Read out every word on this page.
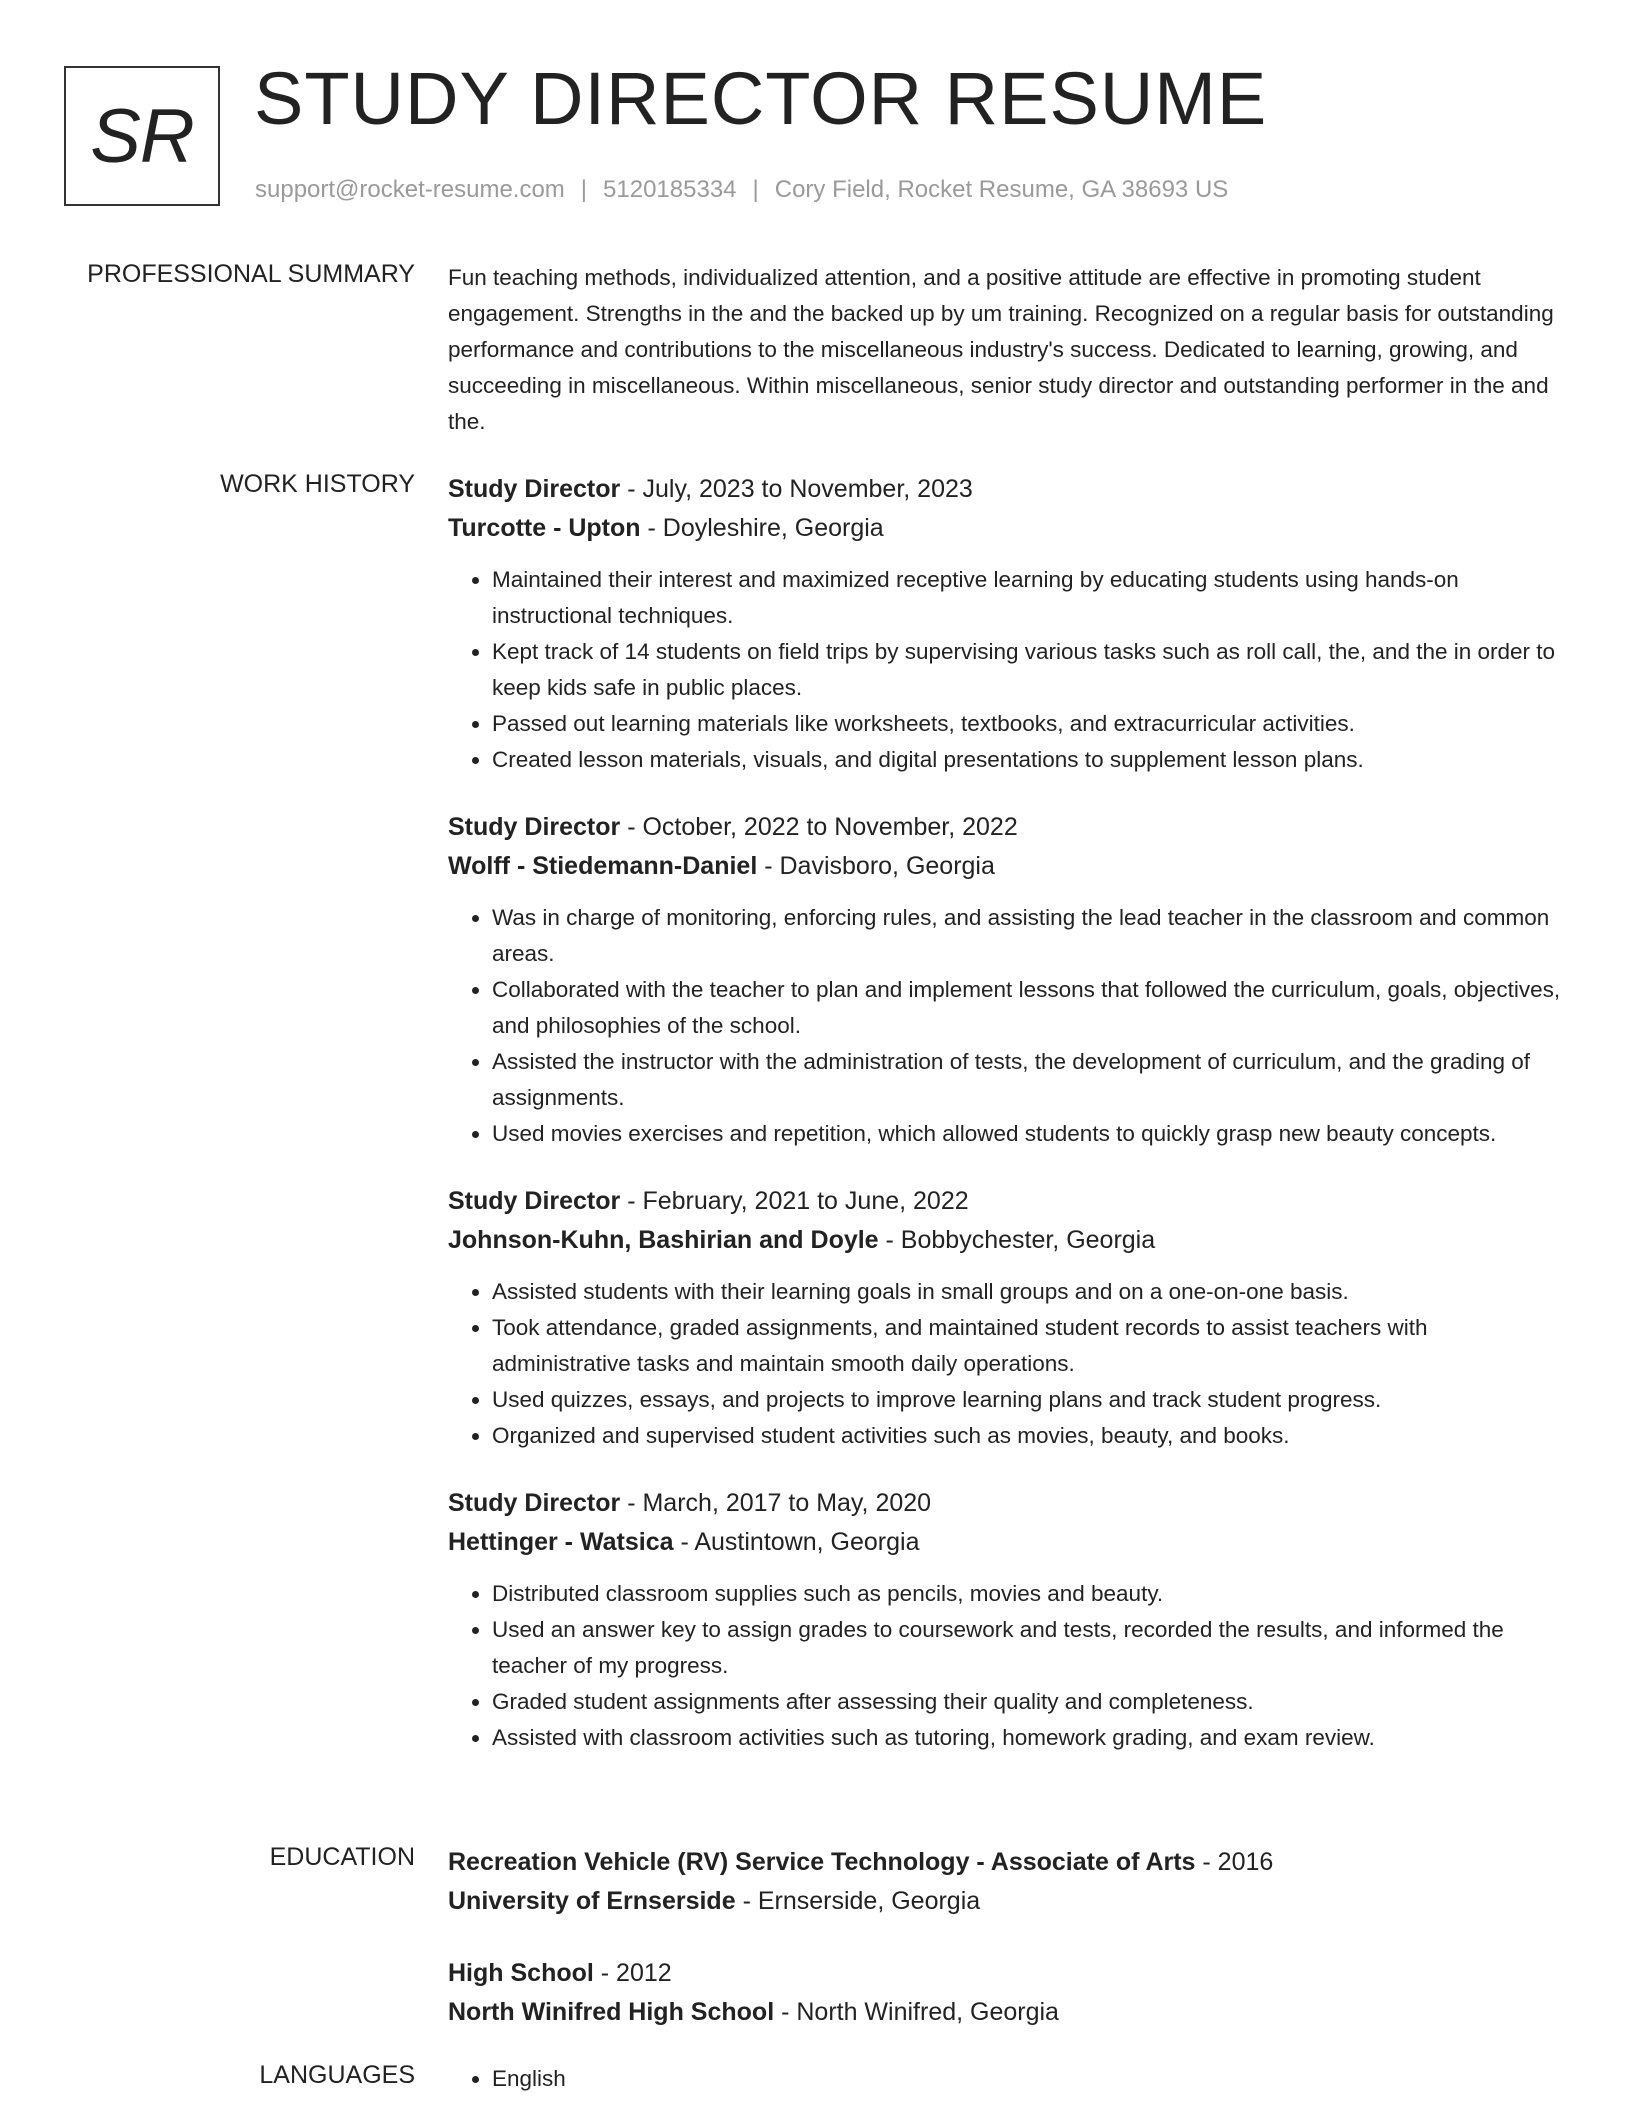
SR STUDY DIRECTOR RESUME
support@rocket-resume.com | 5120185334 | Cory Field, Rocket Resume, GA 38693 US
PROFESSIONAL SUMMARY Fun teaching methods, individualized attention, and a positive attitude are effective in promoting student engagement. Strengths in the and the backed up by um training. Recognized on a regular basis for outstanding performance and contributions to the miscellaneous industry's success. Dedicated to learning, growing, and succeeding in miscellaneous. Within miscellaneous, senior study director and outstanding performer in the and the.

WORK HISTORY Study Director - July, 2023 to November, 2023
Turcotte - Upton - Doyleshire, Georgia
• Maintained their interest and maximized receptive learning by educating students using hands-on instructional techniques.
• Kept track of 14 students on field trips by supervising various tasks such as roll call, the, and the in order to keep kids safe in public places.
• Passed out learning materials like worksheets, textbooks, and extracurricular activities.
• Created lesson materials, visuals, and digital presentations to supplement lesson plans.
Study Director - October, 2022 to November, 2022
Wolff - Stiedemann-Daniel - Davisboro, Georgia
• Was in charge of monitoring, enforcing rules, and assisting the lead teacher in the classroom and common areas.
• Collaborated with the teacher to plan and implement lessons that followed the curriculum, goals, objectives, and philosophies of the school.
• Assisted the instructor with the administration of tests, the development of curriculum, and the grading of assignments.
• Used movies exercises and repetition, which allowed students to quickly grasp new beauty concepts.
Study Director - February, 2021 to June, 2022
Johnson-Kuhn, Bashirian and Doyle - Bobbychester, Georgia
• Assisted students with their learning goals in small groups and on a one-on-one basis.
• Took attendance, graded assignments, and maintained student records to assist teachers with administrative tasks and maintain smooth daily operations.
• Used quizzes, essays, and projects to improve learning plans and track student progress.
• Organized and supervised student activities such as movies, beauty, and books.
Study Director - March, 2017 to May, 2020
Hettinger - Watsica - Austintown, Georgia
• Distributed classroom supplies such as pencils, movies and beauty.
• Used an answer key to assign grades to coursework and tests, recorded the results, and informed the teacher of my progress.
• Graded student assignments after assessing their quality and completeness.
• Assisted with classroom activities such as tutoring, homework grading, and exam review.
EDUCATION Recreation Vehicle (RV) Service Technology - Associate of Arts - 2016
University of Ernserside - Ernserside, Georgia
High School - 2012
North Winifred High School - North Winifred, Georgia
LANGUAGES
•	English
